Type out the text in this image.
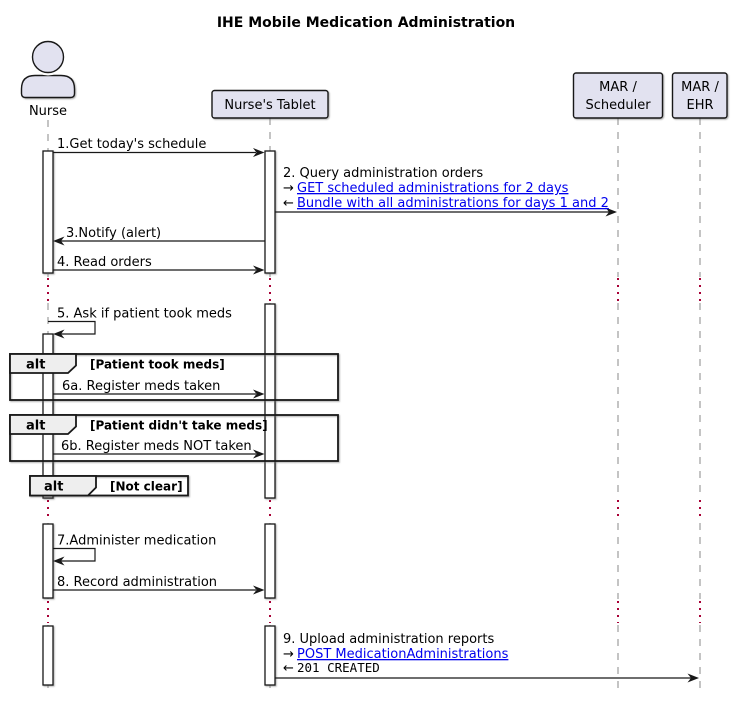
alt	[Patient took meds]
alt	[Patient didn't take meds]
alt	[Not clear]
IHE Mobile Medication Administration
Nurse	Nurse's Tablet
MAR /
Scheduler
MAR /
EHR
1.Get today's schedule
2. Query administration orders
→ GET scheduled administrations for 2 days
← Bundle with all administrations for days 1 and 2
3.Notify (alert)
4. Read orders
5. Ask if patient took meds
6a. Register meds taken
6b. Register meds NOT taken
7.Administer medication
8. Record administration
9. Upload administration reports
→ POST MedicationAdministrations
← 201 CREATED
